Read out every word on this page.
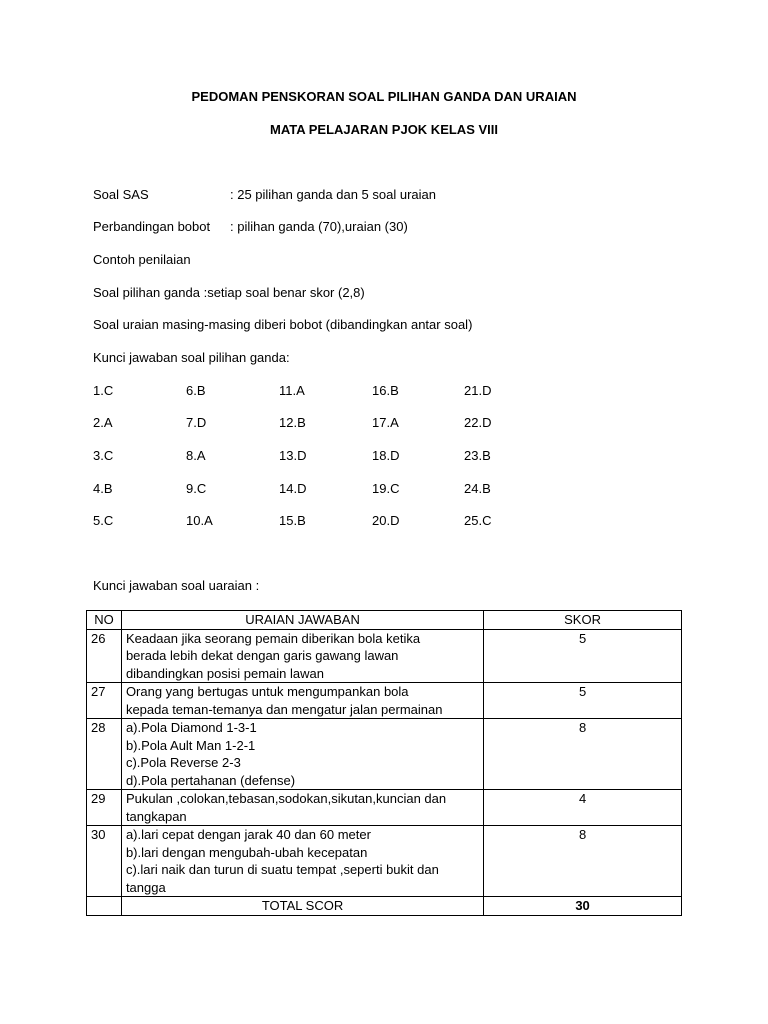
PEDOMAN PENSKORAN SOAL PILIHAN GANDA DAN URAIAN
MATA PELAJARAN PJOK KELAS VIII
Soal SAS	: 25 pilihan ganda dan 5 soal uraian
Perbandingan bobot : pilihan ganda (70),uraian (30)
Contoh penilaian
Soal pilihan ganda :setiap soal benar skor (2,8)
Soal uraian masing-masing diberi bobot (dibandingkan antar soal)
Kunci jawaban soal pilihan ganda:
1.C	6.B	11.A	16.B	21.D
2.A	7.D	12.B	17.A	22.D
3.C	8.A	13.D	18.D	23.B
4.B	9.C	14.D	19.C	24.B
5.C	10.A	15.B	20.D	25.C
Kunci jawaban soal uaraian :
NO	URAIAN JAWABAN	SKOR
26	Keadaan jika seorang pemain diberikan bola ketika
berada lebih dekat dengan garis gawang lawan
dibandingkan posisi pemain lawan	5
27	Orang yang bertugas untuk mengumpankan bola
kepada teman-temanya dan mengatur jalan permainan	5
28	a).Pola Diamond 1-3-1
b).Pola Ault Man 1-2-1
c).Pola Reverse 2-3
d).Pola pertahanan (defense)	8
29	Pukulan ,colokan,tebasan,sodokan,sikutan,kuncian dan
tangkapan	4
30	a).lari cepat dengan jarak 40 dan 60 meter
b).lari dengan mengubah-ubah kecepatan
c).lari naik dan turun di suatu tempat ,seperti bukit dan
tangga	8
	TOTAL SCOR	30
